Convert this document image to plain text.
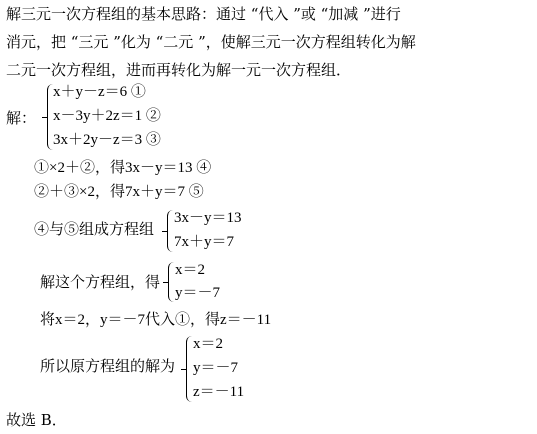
解三元一次方程组的基本思路：通过 “代入 ”或 “加减 ”进行
消元，把 “三元 ”化为 “二元 ”，使解三元一次方程组转化为解
二元一次方程组，进而再转化为解一元一次方程组．
解：
x＋y－z＝6 ①
x－3y＋2z＝1 ②
3x＋2y－z＝3 ③
①×2＋②，得3x－y＝13 ④
②＋③×2，得7x＋y＝7 ⑤
④与⑤组成方程组
3x－y＝13
7x＋y＝7
解这个方程组，得
x＝2
y＝－7
将x＝2，y＝－7代入①，得z＝－11
所以原方程组的解为
x＝2
y＝－7
z＝－11
故选 B．
